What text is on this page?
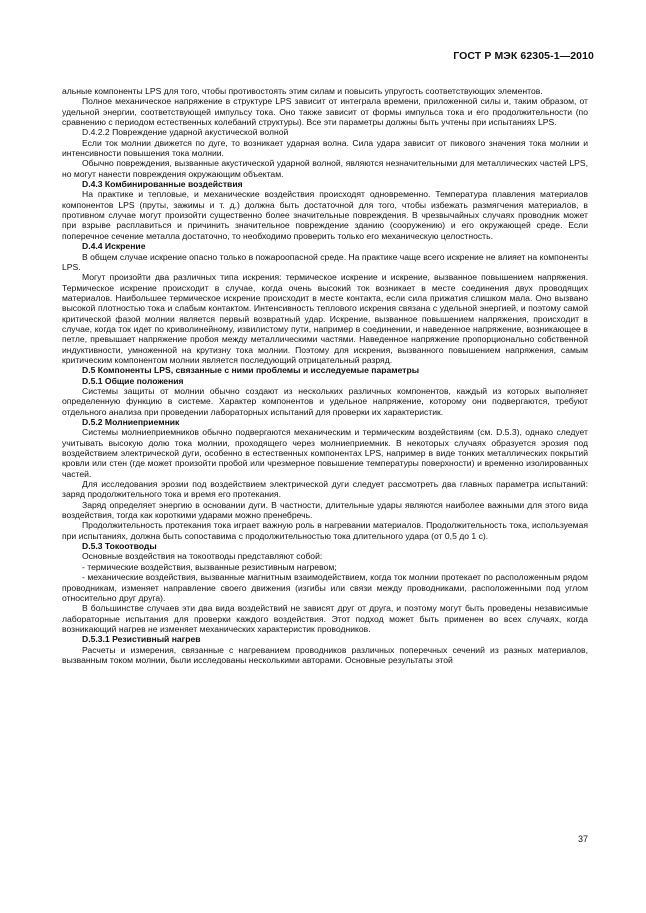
ГОСТ Р МЭК 62305-1—2010

альные компоненты LPS для того, чтобы противостоять этим силам и повысить упругость соответствующих элементов.

Полное механическое напряжение в структуре LPS зависит от интеграла времени, приложенной силы и, таким образом, от удельной энергии, соответствующей импульсу тока. Оно также зависит от формы импульса тока и его продолжительности (по сравнению с периодом естественных колебаний структуры). Все эти параметры должны быть учтены при испытаниях LPS.

D.4.2.2 Повреждение ударной акустической волной

Если ток молнии движется по дуге, то возникает ударная волна. Сила удара зависит от пикового значения тока молнии и интенсивности повышения тока молнии.

Обычно повреждения, вызванные акустической ударной волной, являются незначительными для металлических частей LPS, но могут нанести повреждения окружающим объектам.

D.4.3 Комбинированные воздействия

На практике и тепловые, и механические воздействия происходят одновременно. Температура плавления материалов компонентов LPS (пруты, зажимы и т. д.) должна быть достаточной для того, чтобы избежать размягчения материалов, в противном случае могут произойти существенно более значительные повреждения. В чрезвычайных случаях проводник может при взрыве расплавиться и причинить значительное повреждение зданию (сооружению) и его окружающей среде. Если поперечное сечение металла достаточно, то необходимо проверить только его механическую целостность.

D.4.4 Искрение

В общем случае искрение опасно только в пожароопасной среде. На практике чаще всего искрение не влияет на компоненты LPS.

Могут произойти два различных типа искрения: термическое искрение и искрение, вызванное повышением напряжения. Термическое искрение происходит в случае, когда очень высокий ток возникает в месте соединения двух проводящих материалов. Наибольшее термическое искрение происходит в месте контакта, если сила прижатия слишком мала. Оно вызвано высокой плотностью тока и слабым контактом. Интенсивность теплового искрения связана с удельной энергией, и поэтому самой критической фазой молнии является первый возвратный удар. Искрение, вызванное повышением напряжения, происходит в случае, когда ток идет по криволинейному, извилистому пути, например в соединении, и наведенное напряжение, возникающее в петле, превышает напряжение пробоя между металлическими частями. Наведенное напряжение пропорционально собственной индуктивности, умноженной на крутизну тока молнии. Поэтому для искрения, вызванного повышением напряжения, самым критическим компонентом молнии является последующий отрицательный разряд.

D.5 Компоненты LPS, связанные с ними проблемы и исследуемые параметры

D.5.1 Общие положения

Системы защиты от молнии обычно создают из нескольких различных компонентов, каждый из которых выполняет определенную функцию в системе. Характер компонентов и удельное напряжение, которому они подвергаются, требуют отдельного анализа при проведении лабораторных испытаний для проверки их характеристик.

D.5.2 Молниеприемник

Системы молниеприемников обычно подвергаются механическим и термическим воздействиям (см. D.5.3), однако следует учитывать высокую долю тока молнии, проходящего через молниеприемник. В некоторых случаях образуется эрозия под воздействием электрической дуги, особенно в естественных компонентах LPS, например в виде тонких металлических покрытий кровли или стен (где может произойти пробой или чрезмерное повышение температуры поверхности) и временно изолированных частей.

Для исследования эрозии под воздействием электрической дуги следует рассмотреть два главных параметра испытаний: заряд продолжительного тока и время его протекания.

Заряд определяет энергию в основании дуги. В частности, длительные удары являются наиболее важными для этого вида воздействия, тогда как короткими ударами можно пренебречь.

Продолжительность протекания тока играет важную роль в нагревании материалов. Продолжительность тока, используемая при испытаниях, должна быть сопоставима с продолжительностью тока длительного удара (от 0,5 до 1 с).

D.5.3 Токоотводы

Основные воздействия на токоотводы представляют собой:

- термические воздействия, вызванные резистивным нагревом;

- механические воздействия, вызванные магнитным взаимодействием, когда ток молнии протекает по расположенным рядом проводникам, изменяет направление своего движения (изгибы или связи между проводниками, расположенными под углом относительно друг друга).

В большинстве случаев эти два вида воздействий не зависят друг от друга, и поэтому могут быть проведены независимые лабораторные испытания для проверки каждого воздействия. Этот подход может быть применен во всех случаях, когда возникающий нагрев не изменяет механических характеристик проводников.

D.5.3.1 Резистивный нагрев

Расчеты и измерения, связанные с нагреванием проводников различных поперечных сечений из разных материалов, вызванным током молнии, были исследованы несколькими авторами. Основные результаты этой

37
